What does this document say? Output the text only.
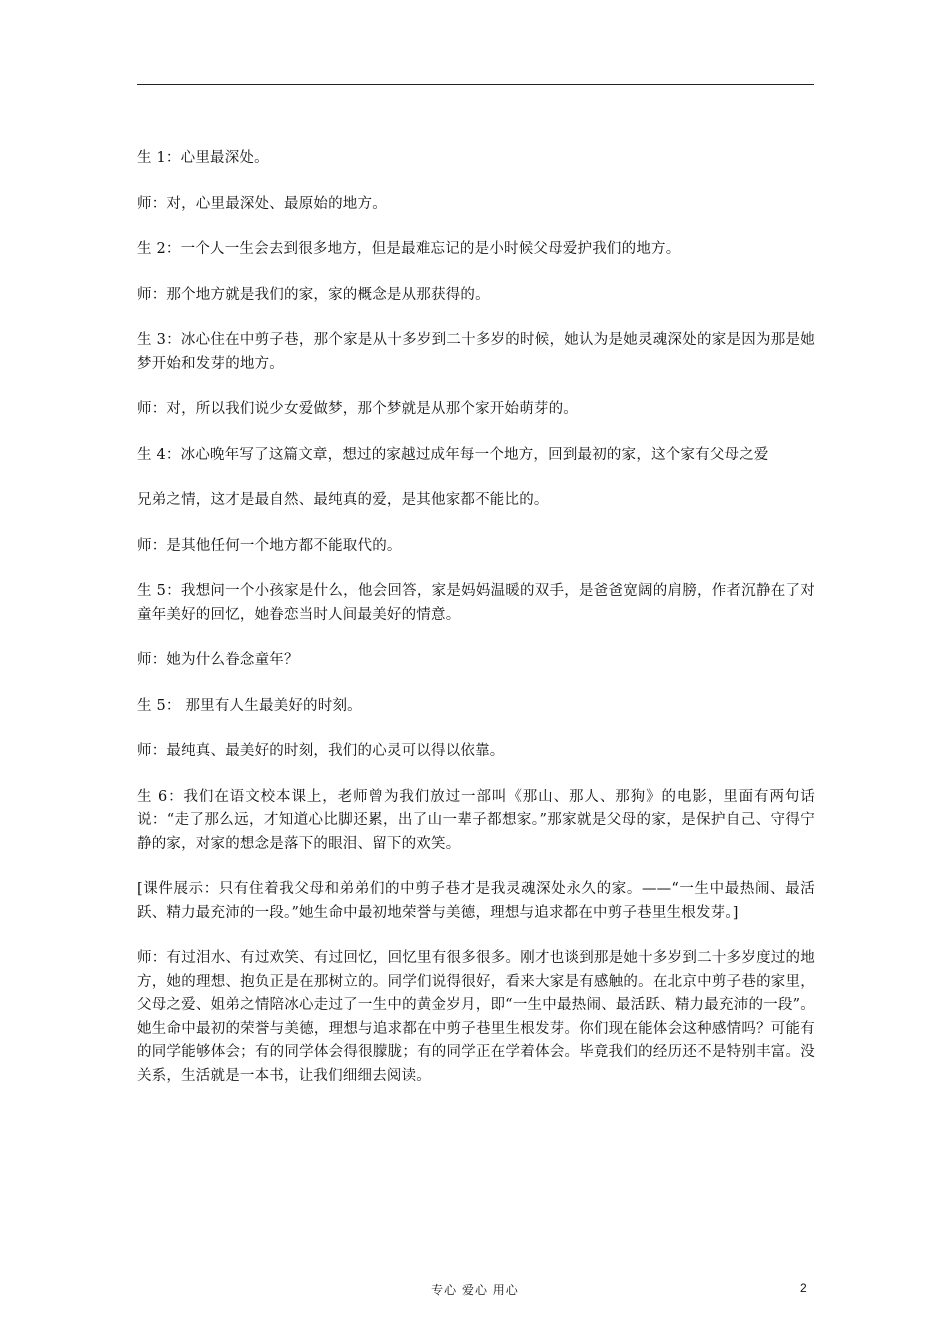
生 1：心里最深处。

师：对，心里最深处、最原始的地方。

生 2：一个人一生会去到很多地方，但是最难忘记的是小时候父母爱护我们的地方。

师：那个地方就是我们的家，家的概念是从那获得的。

生 3：冰心住在中剪子巷，那个家是从十多岁到二十多岁的时候，她认为是她灵魂深处的家是因为那是她梦开始和发芽的地方。

师：对，所以我们说少女爱做梦，那个梦就是从那个家开始萌芽的。

生 4：冰心晚年写了这篇文章，想过的家越过成年每一个地方，回到最初的家，这个家有父母之爱

兄弟之情，这才是最自然、最纯真的爱，是其他家都不能比的。

师：是其他任何一个地方都不能取代的。

生 5：我想问一个小孩家是什么，他会回答，家是妈妈温暖的双手，是爸爸宽阔的肩膀，作者沉静在了对童年美好的回忆，她眷恋当时人间最美好的情意。

师：她为什么眷念童年？

生 5： 那里有人生最美好的时刻。

师：最纯真、最美好的时刻，我们的心灵可以得以依靠。

生 6：我们在语文校本课上，老师曾为我们放过一部叫《那山、那人、那狗》的电影，里面有两句话说：“走了那么远，才知道心比脚还累，出了山一辈子都想家。”那家就是父母的家，是保护自己、守得宁静的家，对家的想念是落下的眼泪、留下的欢笑。

[课件展示：只有住着我父母和弟弟们的中剪子巷才是我灵魂深处永久的家。——“一生中最热闹、最活跃、精力最充沛的一段。”她生命中最初地荣誉与美德，理想与追求都在中剪子巷里生根发芽。]

师：有过泪水、有过欢笑、有过回忆，回忆里有很多很多。刚才也谈到那是她十多岁到二十多岁度过的地方，她的理想、抱负正是在那树立的。同学们说得很好，看来大家是有感触的。在北京中剪子巷的家里，父母之爱、姐弟之情陪冰心走过了一生中的黄金岁月，即“一生中最热闹、最活跃、精力最充沛的一段”。她生命中最初的荣誉与美德，理想与追求都在中剪子巷里生根发芽。你们现在能体会这种感情吗？可能有的同学能够体会；有的同学体会得很朦胧；有的同学正在学着体会。毕竟我们的经历还不是特别丰富。没关系，生活就是一本书，让我们细细去阅读。

专心 爱心 用心	2
